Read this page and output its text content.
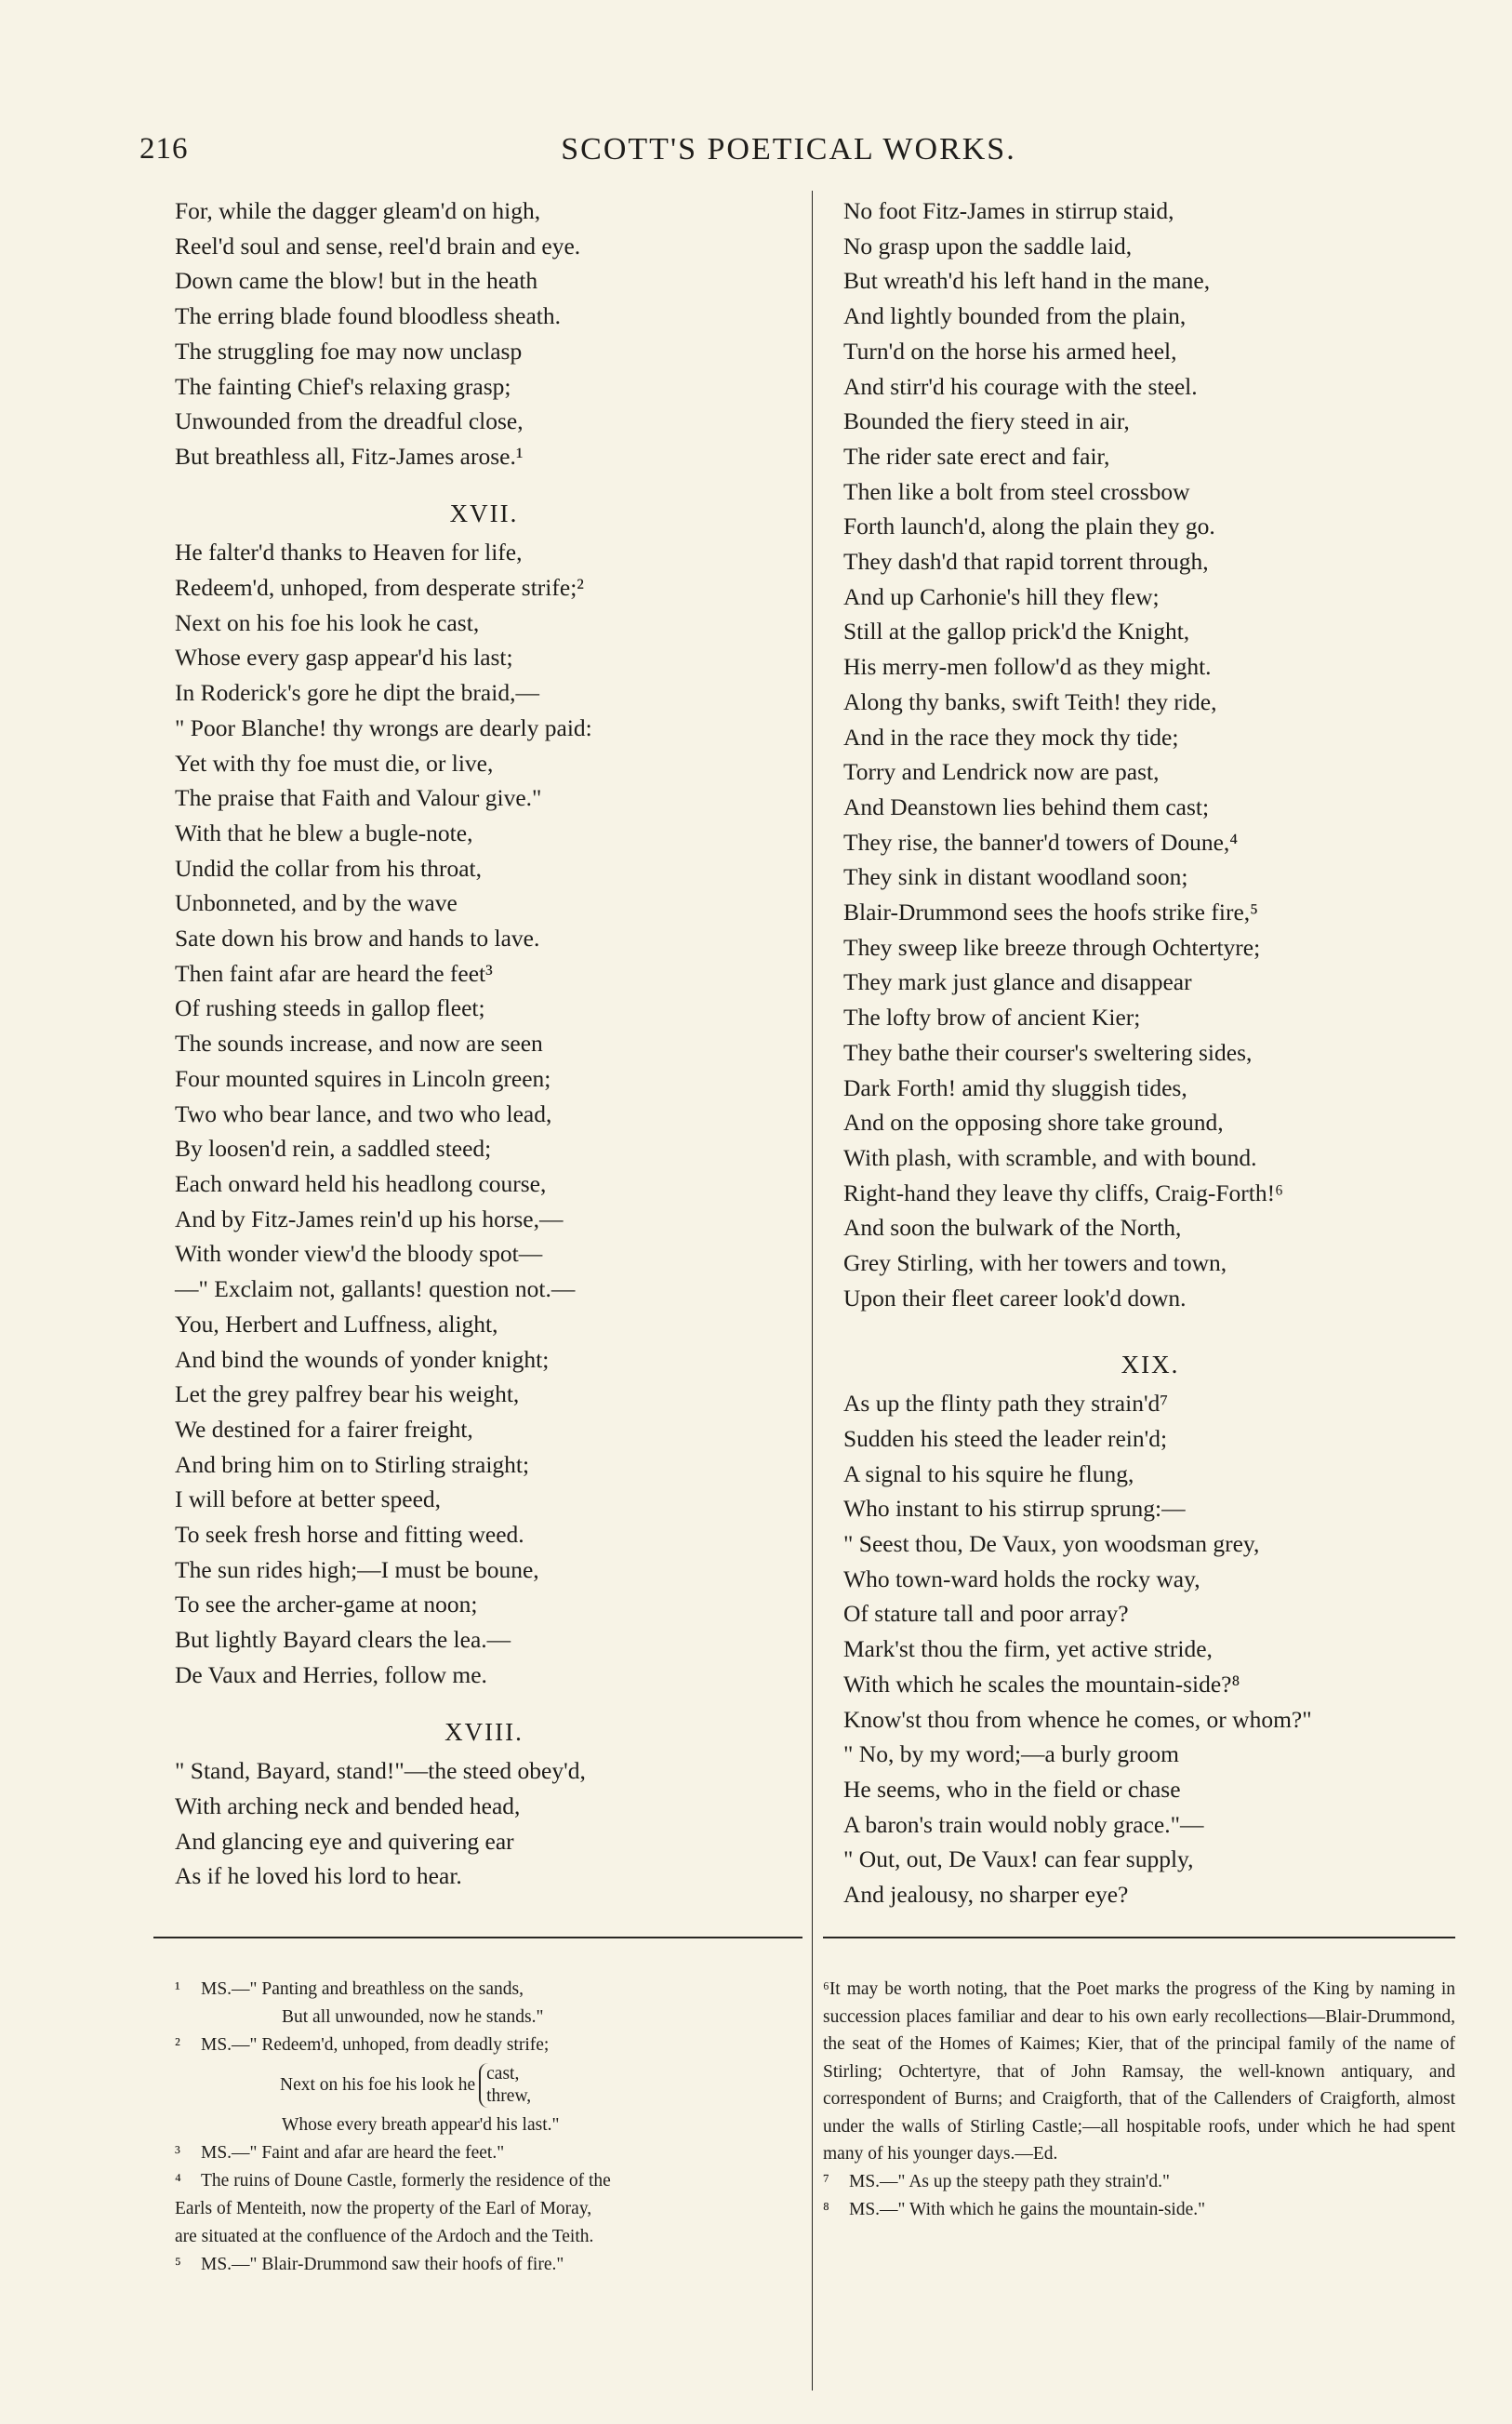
216	SCOTT'S POETICAL WORKS.
For, while the dagger gleam'd on high,
Reel'd soul and sense, reel'd brain and eye.
Down came the blow! but in the heath
The erring blade found bloodless sheath.
The struggling foe may now unclasp
The fainting Chief's relaxing grasp;
Unwounded from the dreadful close,
But breathless all, Fitz-James arose.¹
XVII.
He falter'd thanks to Heaven for life,
Redeem'd, unhoped, from desperate strife;²
Next on his foe his look he cast,
Whose every gasp appear'd his last;
In Roderick's gore he dipt the braid,—
" Poor Blanche! thy wrongs are dearly paid:
Yet with thy foe must die, or live,
The praise that Faith and Valour give."
With that he blew a bugle-note,
Undid the collar from his throat,
Unbonneted, and by the wave
Sate down his brow and hands to lave.
Then faint afar are heard the feet³
Of rushing steeds in gallop fleet;
The sounds increase, and now are seen
Four mounted squires in Lincoln green;
Two who bear lance, and two who lead,
By loosen'd rein, a saddled steed;
Each onward held his headlong course,
And by Fitz-James rein'd up his horse,—
With wonder view'd the bloody spot—
—" Exclaim not, gallants! question not.—
You, Herbert and Luffness, alight,
And bind the wounds of yonder knight;
Let the grey palfrey bear his weight,
We destined for a fairer freight,
And bring him on to Stirling straight;
I will before at better speed,
To seek fresh horse and fitting weed.
The sun rides high;—I must be boune,
To see the archer-game at noon;
But lightly Bayard clears the lea.—
De Vaux and Herries, follow me.
XVIII.
" Stand, Bayard, stand!"—the steed obey'd,
With arching neck and bended head,
And glancing eye and quivering ear
As if he loved his lord to hear.
No foot Fitz-James in stirrup staid,
No grasp upon the saddle laid,
But wreath'd his left hand in the mane,
And lightly bounded from the plain,
Turn'd on the horse his armed heel,
And stirr'd his courage with the steel.
Bounded the fiery steed in air,
The rider sate erect and fair,
Then like a bolt from steel crossbow
Forth launch'd, along the plain they go.
They dash'd that rapid torrent through,
And up Carhonie's hill they flew;
Still at the gallop prick'd the Knight,
His merry-men follow'd as they might.
Along thy banks, swift Teith! they ride,
And in the race they mock thy tide;
Torry and Lendrick now are past,
And Deanstown lies behind them cast;
They rise, the banner'd towers of Doune,⁴
They sink in distant woodland soon;
Blair-Drummond sees the hoofs strike fire,⁵
They sweep like breeze through Ochtertyre;
They mark just glance and disappear
The lofty brow of ancient Kier;
They bathe their courser's sweltering sides,
Dark Forth! amid thy sluggish tides,
And on the opposing shore take ground,
With plash, with scramble, and with bound.
Right-hand they leave thy cliffs, Craig-Forth!⁶
And soon the bulwark of the North,
Grey Stirling, with her towers and town,
Upon their fleet career look'd down.
XIX.
As up the flinty path they strain'd⁷
Sudden his steed the leader rein'd;
A signal to his squire he flung,
Who instant to his stirrup sprung:—
" Seest thou, De Vaux, yon woodsman grey,
Who town-ward holds the rocky way,
Of stature tall and poor array?
Mark'st thou the firm, yet active stride,
With which he scales the mountain-side?⁸
Know'st thou from whence he comes, or whom?"
" No, by my word;—a burly groom
He seems, who in the field or chase
A baron's train would nobly grace."—
" Out, out, De Vaux! can fear supply,
And jealousy, no sharper eye?
¹ MS.—" Panting and breathless on the sands,
But all unwounded, now he stands."
² MS.—" Redeem'd, unhoped, from deadly strife;
Next on his foe his look he
cast,
threw,
Whose every breath appear'd his last."
³ MS.—" Faint and afar are heard the feet."
⁴ The ruins of Doune Castle, formerly the residence of the
Earls of Menteith, now the property of the Earl of Moray,
are situated at the confluence of the Ardoch and the Teith.
⁵ MS.—" Blair-Drummond saw their hoofs of fire."
⁶It may be worth noting, that the Poet marks the progress of the King by naming in succession places familiar and dear to his own early recollections—Blair-Drummond, the seat of the Homes of Kaimes; Kier, that of the principal family of the name of Stirling; Ochtertyre, that of John Ramsay, the well-known antiquary, and correspondent of Burns; and Craigforth, that of the Callenders of Craigforth, almost under the walls of Stirling Castle;—all hospitable roofs, under which he had spent many of his younger days.—Ed.
⁷ MS.—" As up the steepy path they strain'd."
⁸ MS.—" With which he gains the mountain-side."
